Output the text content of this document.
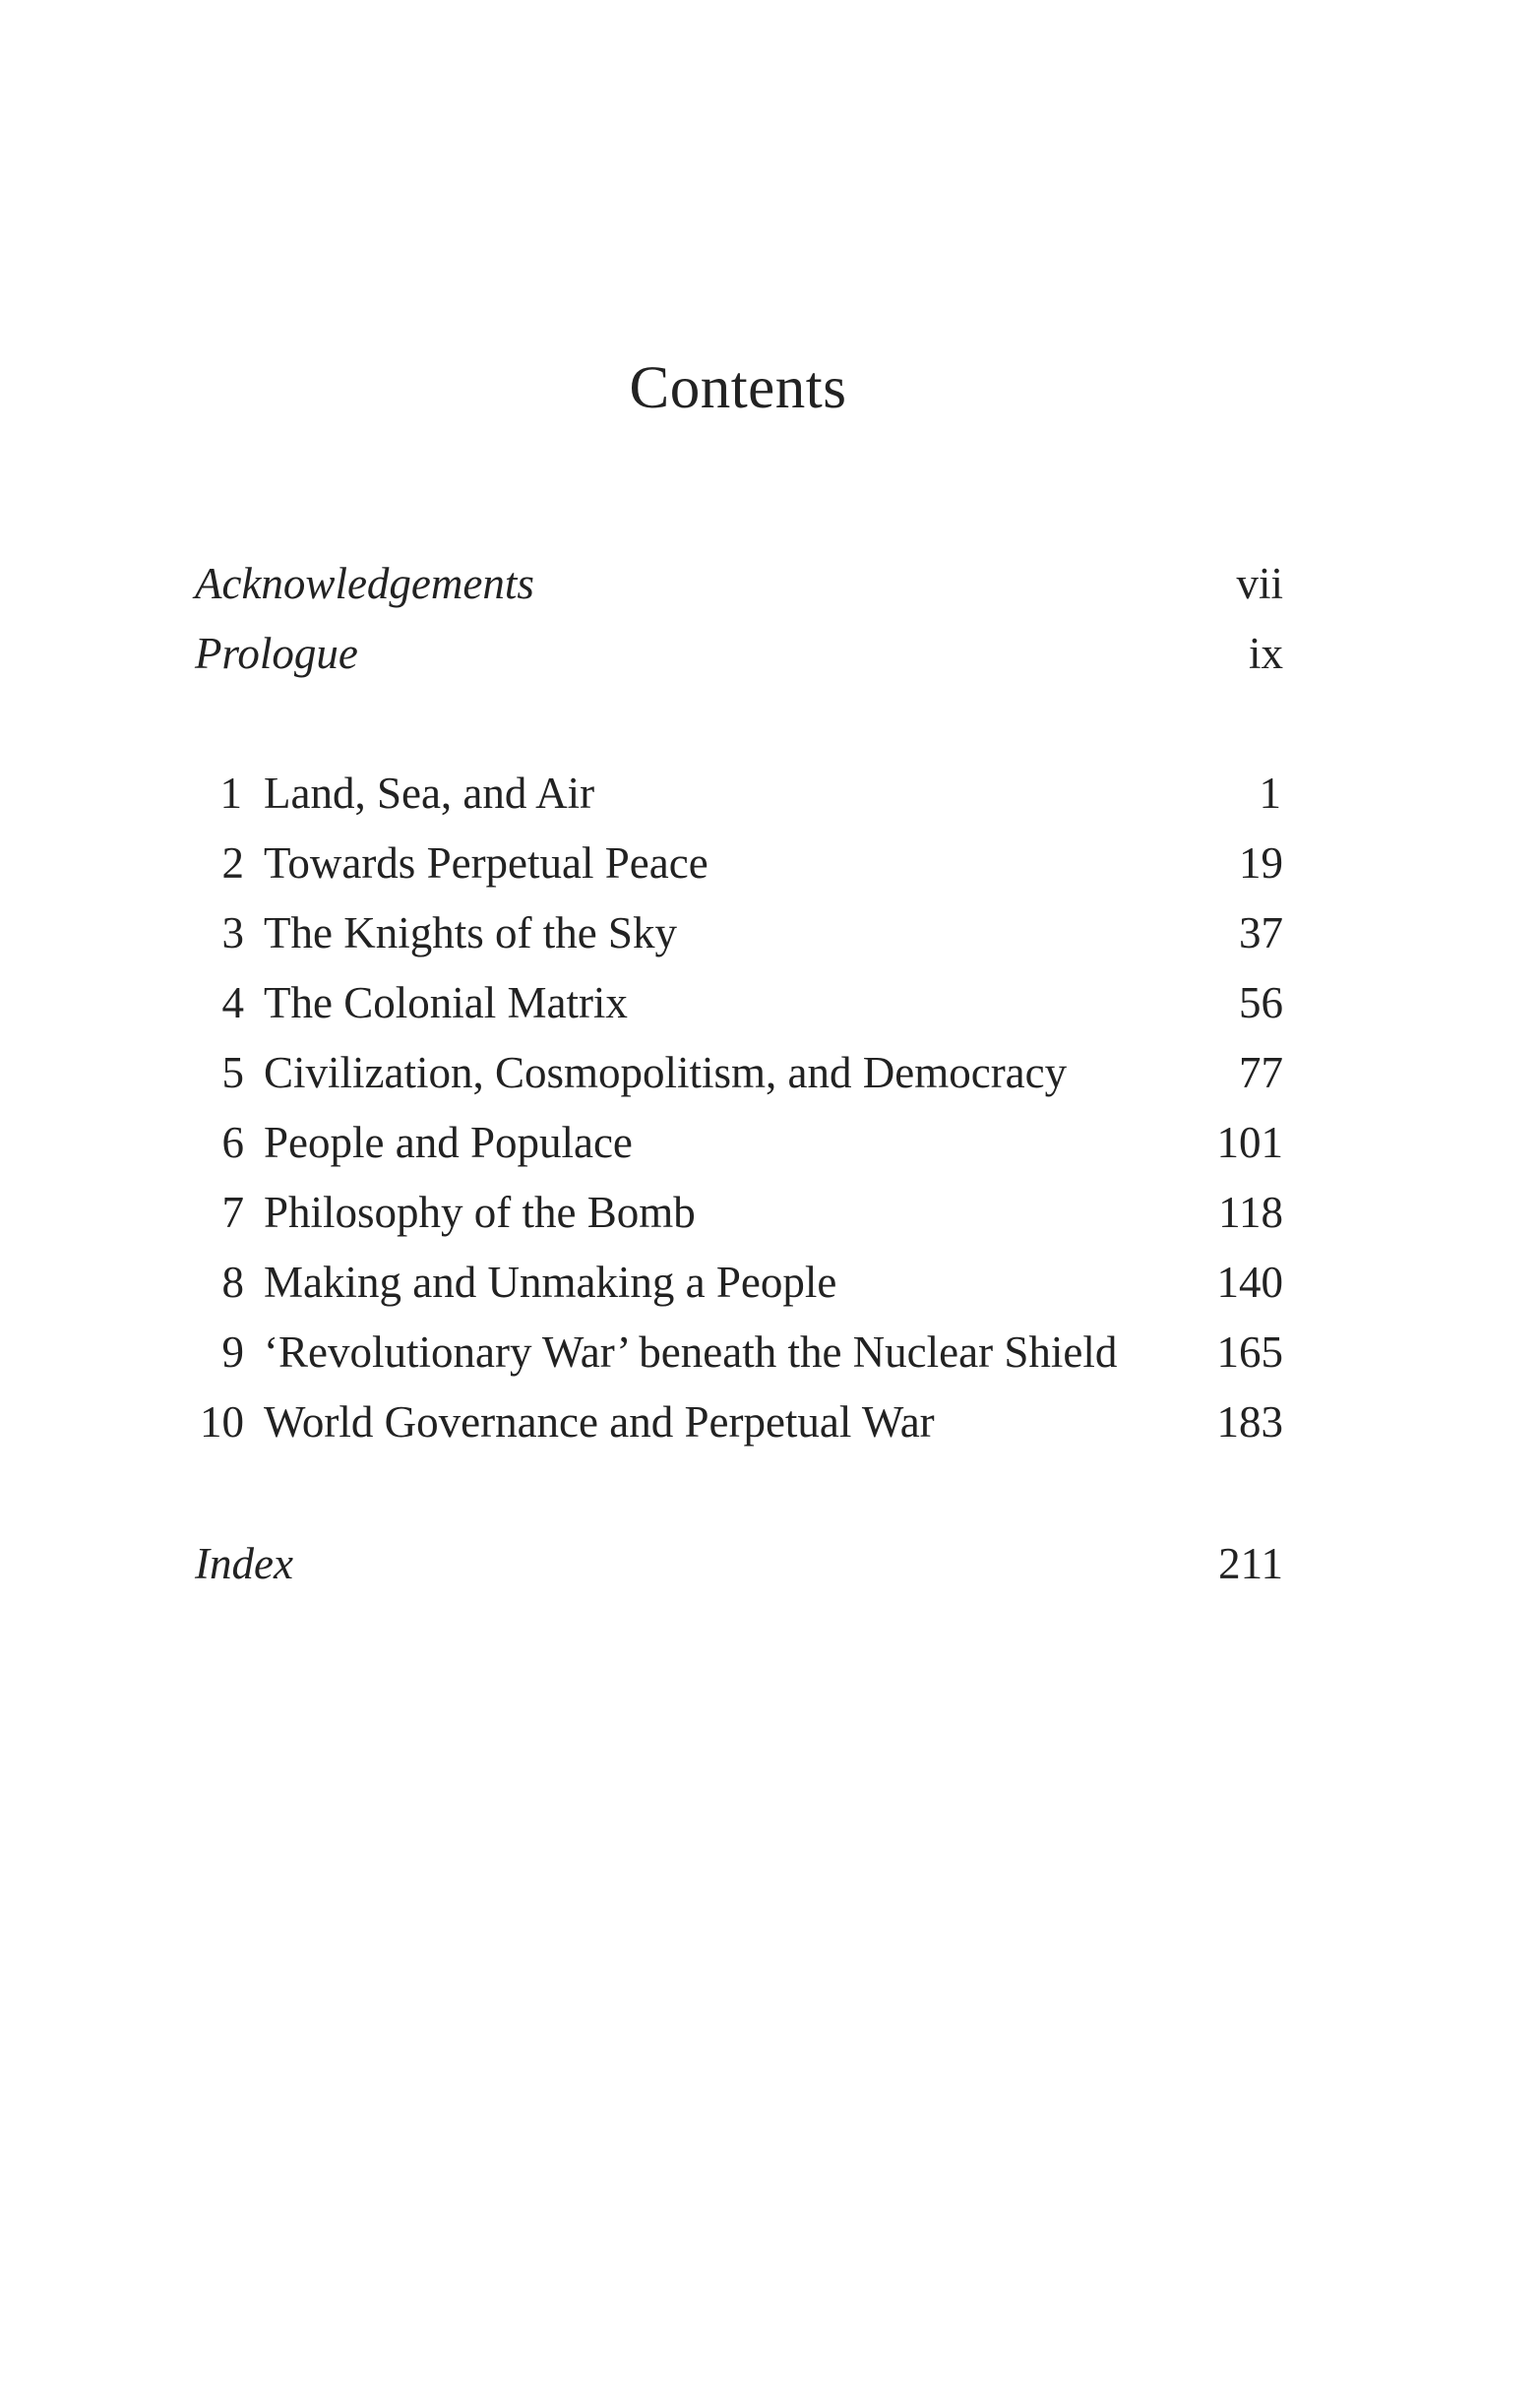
Contents
Acknowledgements	vii
Prologue	ix
1 Land, Sea, and Air	1
2 Towards Perpetual Peace	19
3 The Knights of the Sky	37
4 The Colonial Matrix	56
5 Civilization, Cosmopolitism, and Democracy	77
6 People and Populace	101
7 Philosophy of the Bomb	118
8 Making and Unmaking a People	140
9 ‘Revolutionary War’ beneath the Nuclear Shield 165
10 World Governance and Perpetual War	183
Index	211
